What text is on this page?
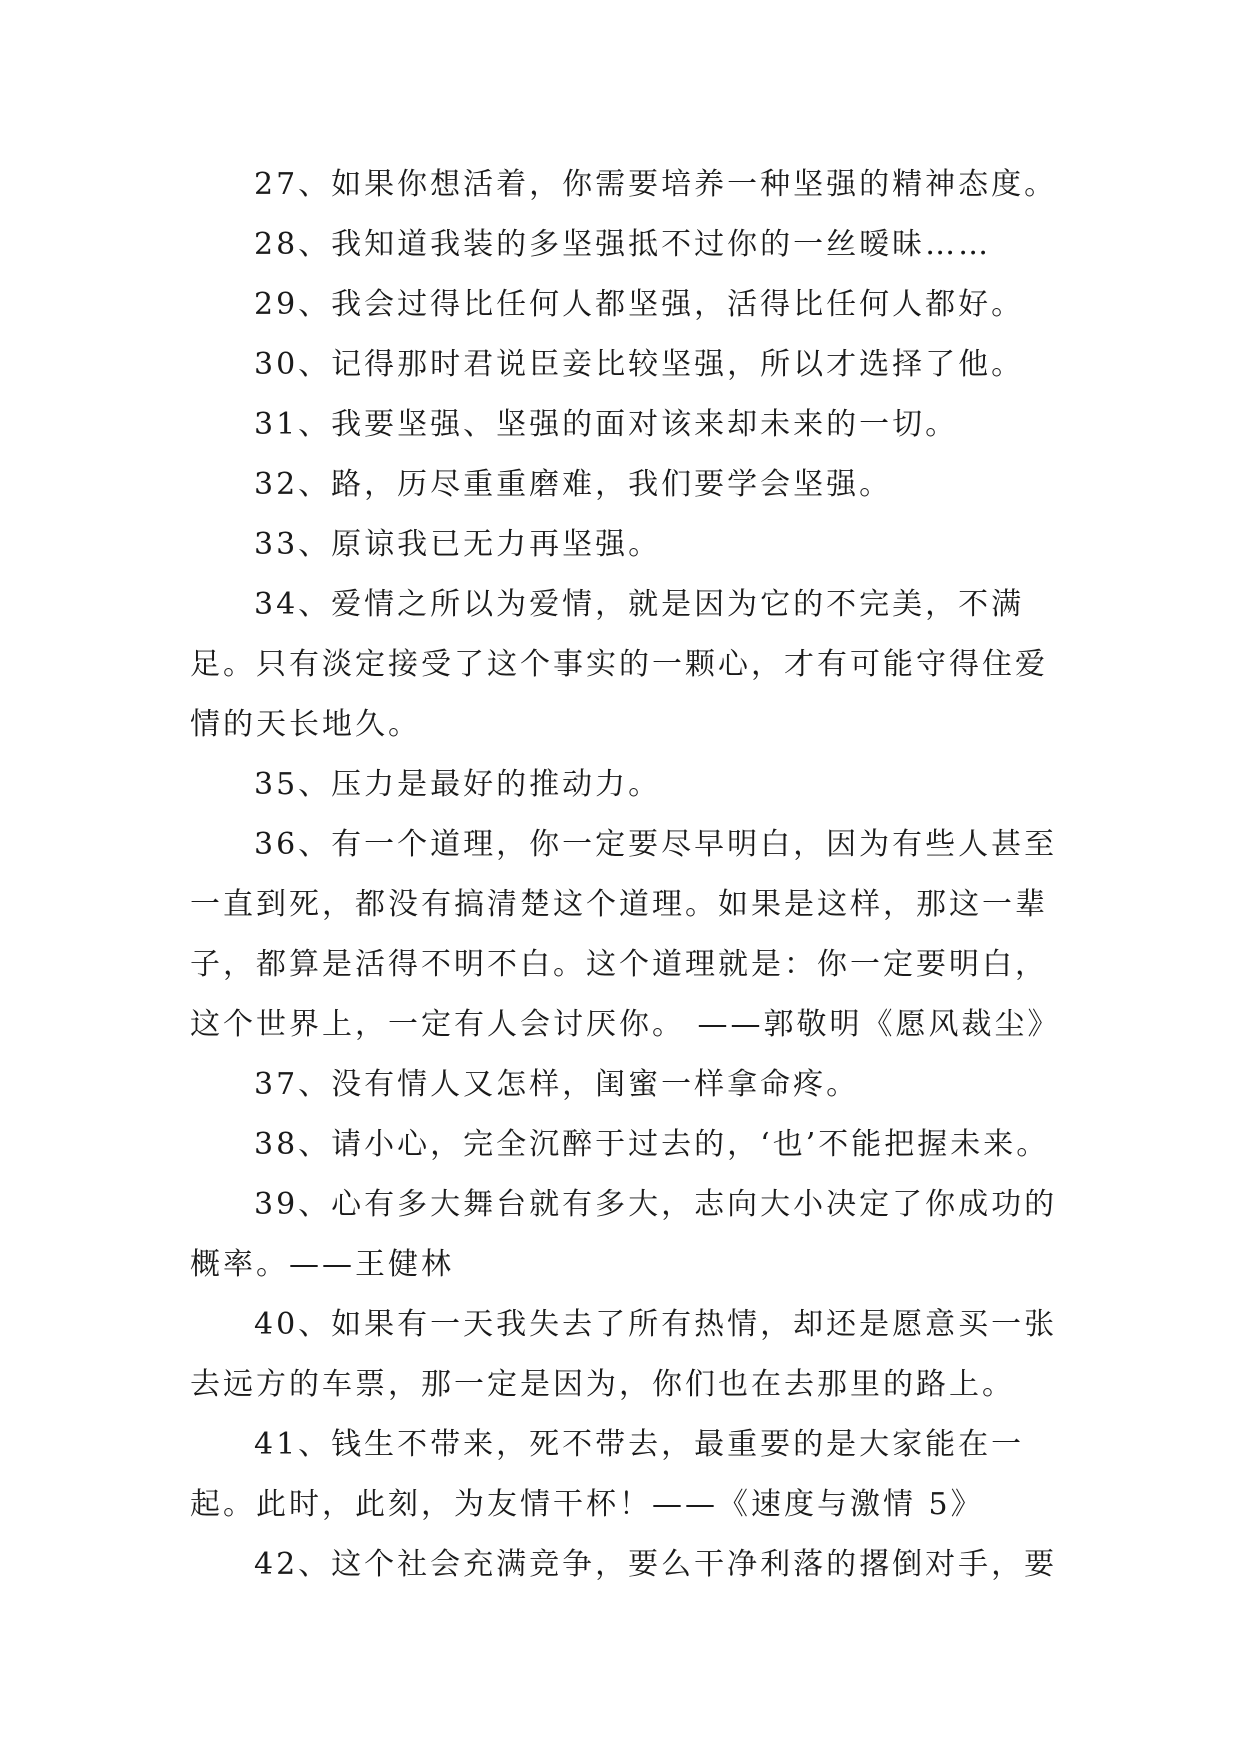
27、如果你想活着，你需要培养一种坚强的精神态度。

28、我知道我装的多坚强抵不过你的一丝暧昧……

29、我会过得比任何人都坚强，活得比任何人都好。

30、记得那时君说臣妾比较坚强，所以才选择了他。

31、我要坚强、坚强的面对该来却未来的一切。

32、路，历尽重重磨难，我们要学会坚强。

33、原谅我已无力再坚强。

34、爱情之所以为爱情，就是因为它的不完美，不满足。只有淡定接受了这个事实的一颗心，才有可能守得住爱情的天长地久。

35、压力是最好的推动力。

36、有一个道理，你一定要尽早明白，因为有些人甚至一直到死，都没有搞清楚这个道理。如果是这样，那这一辈子，都算是活得不明不白。这个道理就是：你一定要明白，这个世界上，一定有人会讨厌你。 ——郭敬明《愿风裁尘》

37、没有情人又怎样，闺蜜一样拿命疼。

38、请小心，完全沉醉于过去的，‘也’不能把握未来。

39、心有多大舞台就有多大，志向大小决定了你成功的概率。——王健林

40、如果有一天我失去了所有热情，却还是愿意买一张去远方的车票，那一定是因为，你们也在去那里的路上。

41、钱生不带来，死不带去，最重要的是大家能在一起。此时，此刻，为友情干杯！——《速度与激情 5》

42、这个社会充满竞争，要么干净利落的撂倒对手，要
